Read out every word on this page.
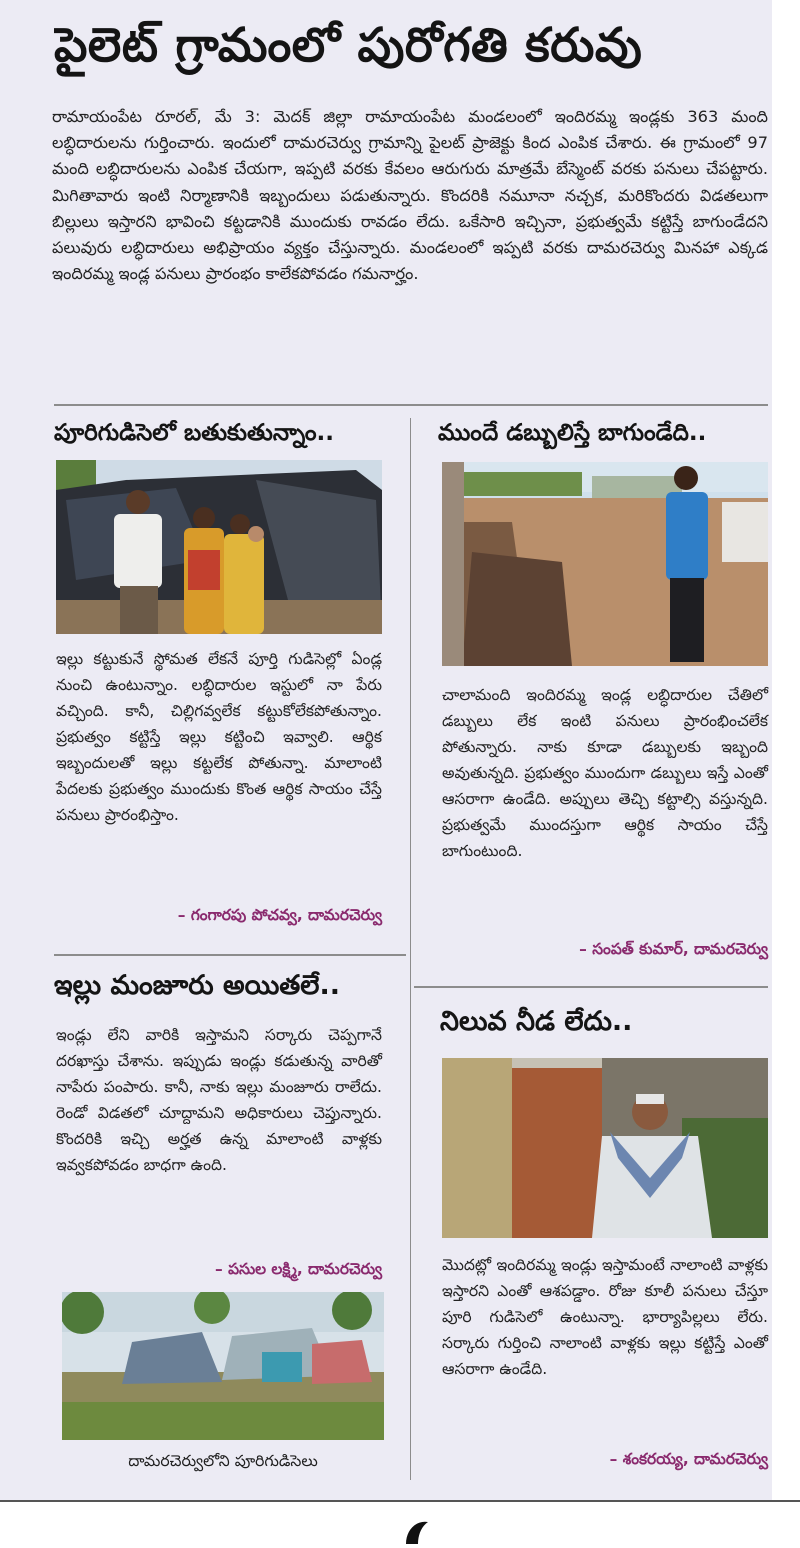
పైలెట్ గ్రామంలో పురోగతి కరువు
రామాయంపేట రూరల్, మే 3: మెదక్ జిల్లా రామాయంపేట మండలంలో ఇందిరమ్మ ఇండ్లకు 363 మంది లబ్ధిదారులను గుర్తించారు. ఇందులో దామరచెర్వు గ్రామాన్ని పైలట్ ప్రాజెక్టు కింద ఎంపిక చేశారు. ఈ గ్రామంలో 97 మంది లబ్ధిదారులను ఎంపిక చేయగా, ఇప్పటి వరకు కేవలం ఆరుగురు మాత్రమే బేస్మెంట్ వరకు పనులు చేపట్టారు. మిగితావారు ఇంటి నిర్మాణానికి ఇబ్బందులు పడుతున్నారు. కొందరికి నమూనా నచ్చక, మరికొందరు విడతలుగా బిల్లులు ఇస్తారని భావించి కట్టడానికి ముందుకు రావడం లేదు. ఒకేసారి ఇచ్చినా, ప్రభుత్వమే కట్టిస్తే బాగుండేదని పలువురు లబ్ధిదారులు అభిప్రాయం వ్యక్తం చేస్తున్నారు. మండలంలో ఇప్పటి వరకు దామరచెర్వు మినహా ఎక్కడ ఇందిరమ్మ ఇండ్ల పనులు ప్రారంభం కాలేకపోవడం గమనార్హం.
పూరిగుడిసెలో బతుకుతున్నాం..
ఇల్లు కట్టుకునే స్థోమత లేకనే పూర్తి గుడిసెల్లో ఏండ్ల నుంచి ఉంటున్నాం. లబ్ధిదారుల ఇస్టులో నా పేరు వచ్చింది. కానీ, చిల్లిగవ్వలేక కట్టుకోలేకపోతున్నాం. ప్రభుత్వం కట్టిస్తే ఇల్లు కట్టించి ఇవ్వాలి. ఆర్థిక ఇబ్బందులతో ఇల్లు కట్టలేక పోతున్నా. మాలాంటి పేదలకు ప్రభుత్వం ముందుకు కొంత ఆర్థిక సాయం చేస్తే పనులు ప్రారంభిస్తాం.
– గంగారపు పోచవ్వ, దామరచెర్వు
ముందే డబ్బులిస్తే బాగుండేది..
చాలామంది ఇందిరమ్మ ఇండ్ల లబ్ధిదారుల చేతిలో డబ్బులు లేక ఇంటి పనులు ప్రారంభించలేక పోతున్నారు. నాకు కూడా డబ్బులకు ఇబ్బంది అవుతున్నది. ప్రభుత్వం ముందుగా డబ్బులు ఇస్తే ఎంతో ఆసరాగా ఉండేది. అప్పులు తెచ్చి కట్టాల్సి వస్తున్నది. ప్రభుత్వమే ముందస్తుగా ఆర్థిక సాయం చేస్తే బాగుంటుంది.
– సంపత్ కుమార్, దామరచెర్వు
ఇల్లు మంజూరు అయితలే..
ఇండ్లు లేని వారికి ఇస్తామని సర్కారు చెప్పగానే దరఖాస్తు చేశాను. ఇప్పుడు ఇండ్లు కడుతున్న వారితో నాపేరు పంపారు. కానీ, నాకు ఇల్లు మంజూరు రాలేదు. రెండో విడతలో చూద్దామని అధికారులు చెప్తున్నారు. కొందరికి ఇచ్చి అర్హత ఉన్న మాలాంటి వాళ్లకు ఇవ్వకపోవడం బాధగా ఉంది.
– పసుల లక్ష్మి, దామరచెర్వు
దామరచెర్వులోని పూరిగుడిసెలు
నిలువ నీడ లేదు..
మొదట్లో ఇందిరమ్మ ఇండ్లు ఇస్తామంటే నాలాంటి వాళ్లకు ఇస్తారని ఎంతో ఆశపడ్డాం. రోజు కూలీ పనులు చేస్తూ పూరి గుడిసెలో ఉంటున్నా. భార్యాపిల్లలు లేరు. సర్కారు గుర్తించి నాలాంటి వాళ్లకు ఇల్లు కట్టిస్తే ఎంతో ఆసరాగా ఉండేది.
– శంకరయ్య, దామరచెర్వు
